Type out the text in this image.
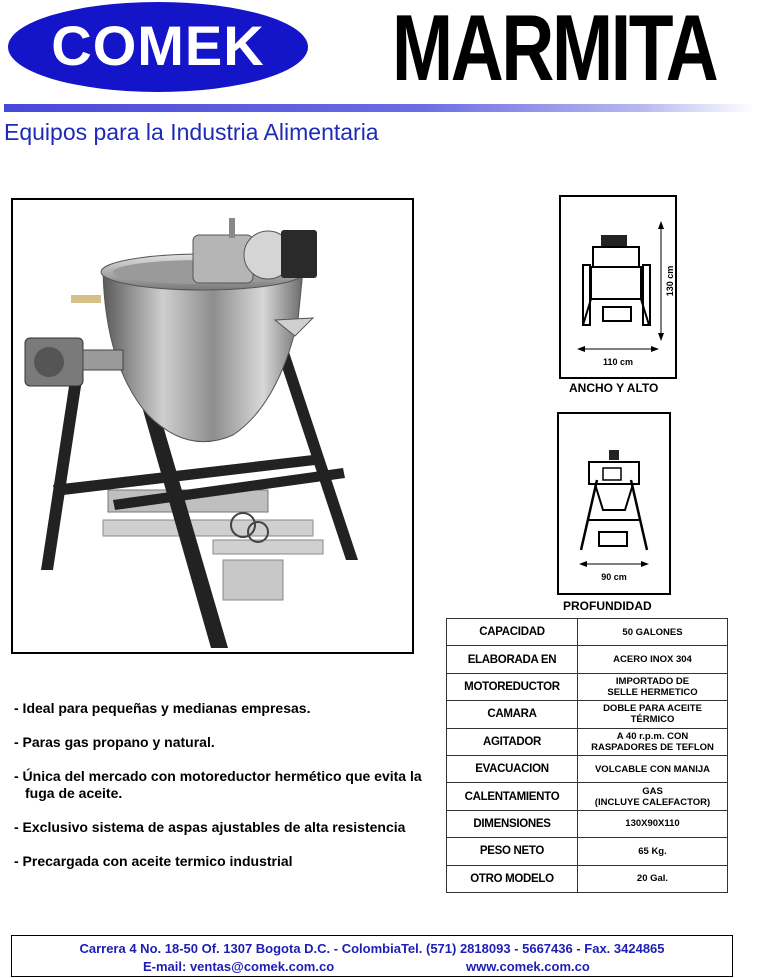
COMEK	MARMITA
Equipos para la Industria Alimentaria
130 cm
110 cm
ANCHO Y ALTO
90 cm
PROFUNDIDAD
CAPACIDAD	50 GALONES

ELABORADA EN	ACERO INOX 304

MOTOREDUCTOR	IMPORTADO DE
SELLE HERMETICO

CAMARA	DOBLE PARA ACEITE
TÉRMICO

AGITADOR	A 40 r.p.m. CON
RASPADORES DE TEFLON

EVACUACION	VOLCABLE CON MANIJA

CALENTAMIENTO	GAS
(INCLUYE CALEFACTOR)

DIMENSIONES	130X90X110

PESO NETO	65 Kg.

OTRO MODELO	20 Gal.
- Ideal para pequeñas y medianas empresas.
- Paras gas propano y natural.
- Única del mercado con motoreductor hermético que evita la fuga de aceite.
- Exclusivo sistema de aspas ajustables de alta resistencia
- Precargada con aceite termico industrial
Carrera 4 No. 18-50 Of. 1307 Bogota D.C. - ColombiaTel. (571) 2818093 - 5667436 - Fax. 3424865
E-mail: ventas@comek.com.co	www.comek.com.co
